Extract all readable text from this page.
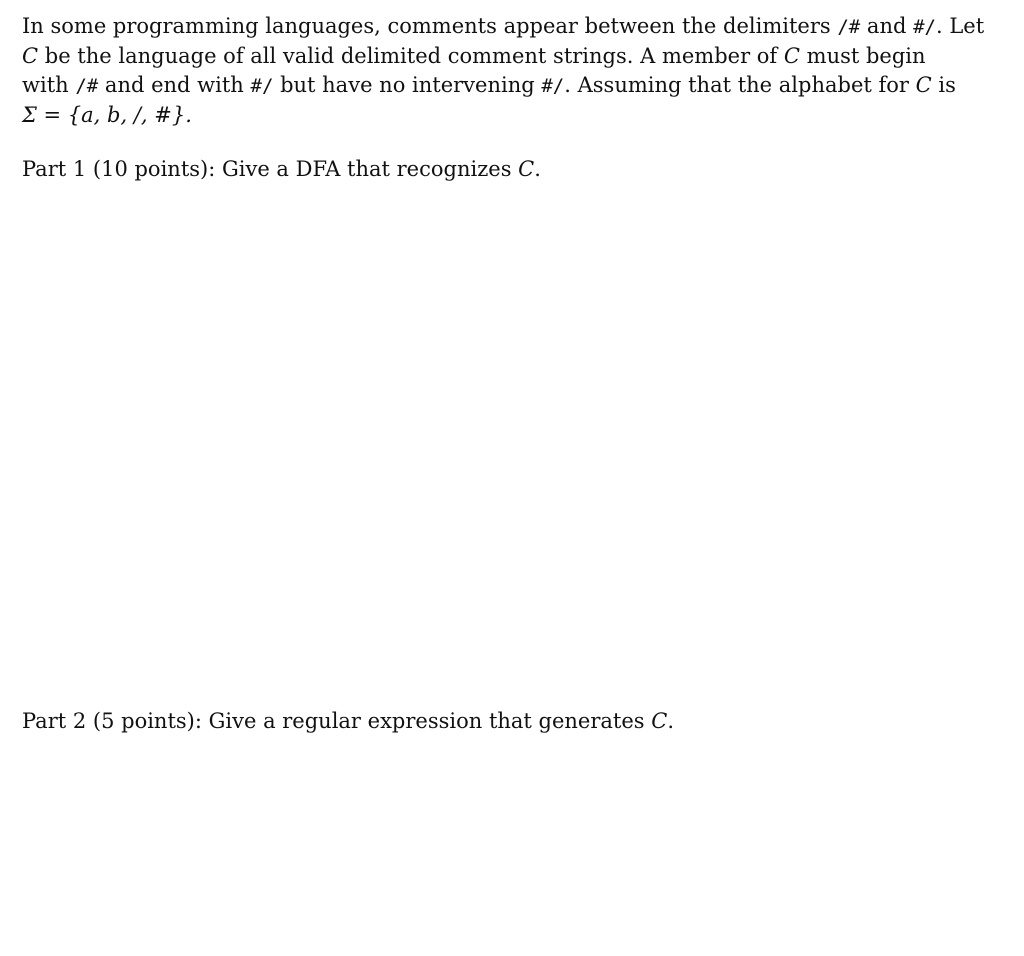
In some programming languages, comments appear between the delimiters /# and #/. Let
C be the language of all valid delimited comment strings. A member of C must begin
with /# and end with #/ but have no intervening #/. Assuming that the alphabet for C is
Σ = {a, b, /, #}.
Part 1 (10 points): Give a DFA that recognizes C.
Part 2 (5 points): Give a regular expression that generates C.
